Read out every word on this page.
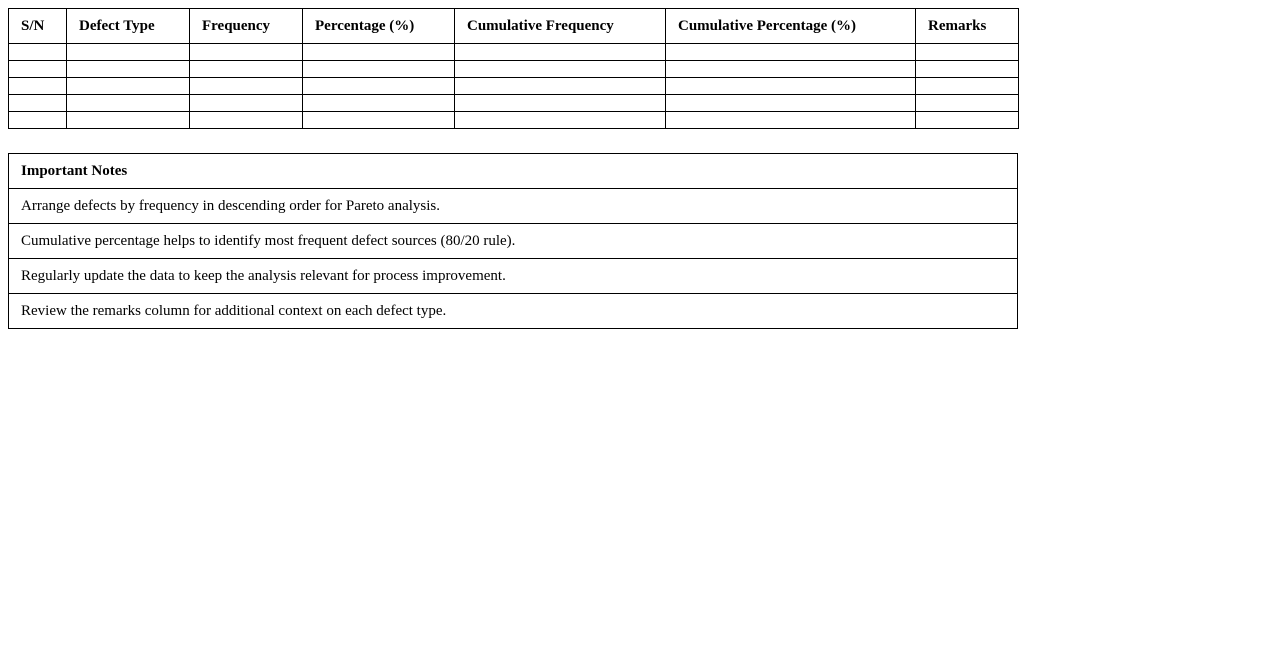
S/N	Defect Type	Frequency	Percentage (%)	Cumulative Frequency	Cumulative Percentage (%)	Remarks

Important Notes
Arrange defects by frequency in descending order for Pareto analysis.
Cumulative percentage helps to identify most frequent defect sources (80/20 rule).
Regularly update the data to keep the analysis relevant for process improvement.
Review the remarks column for additional context on each defect type.
